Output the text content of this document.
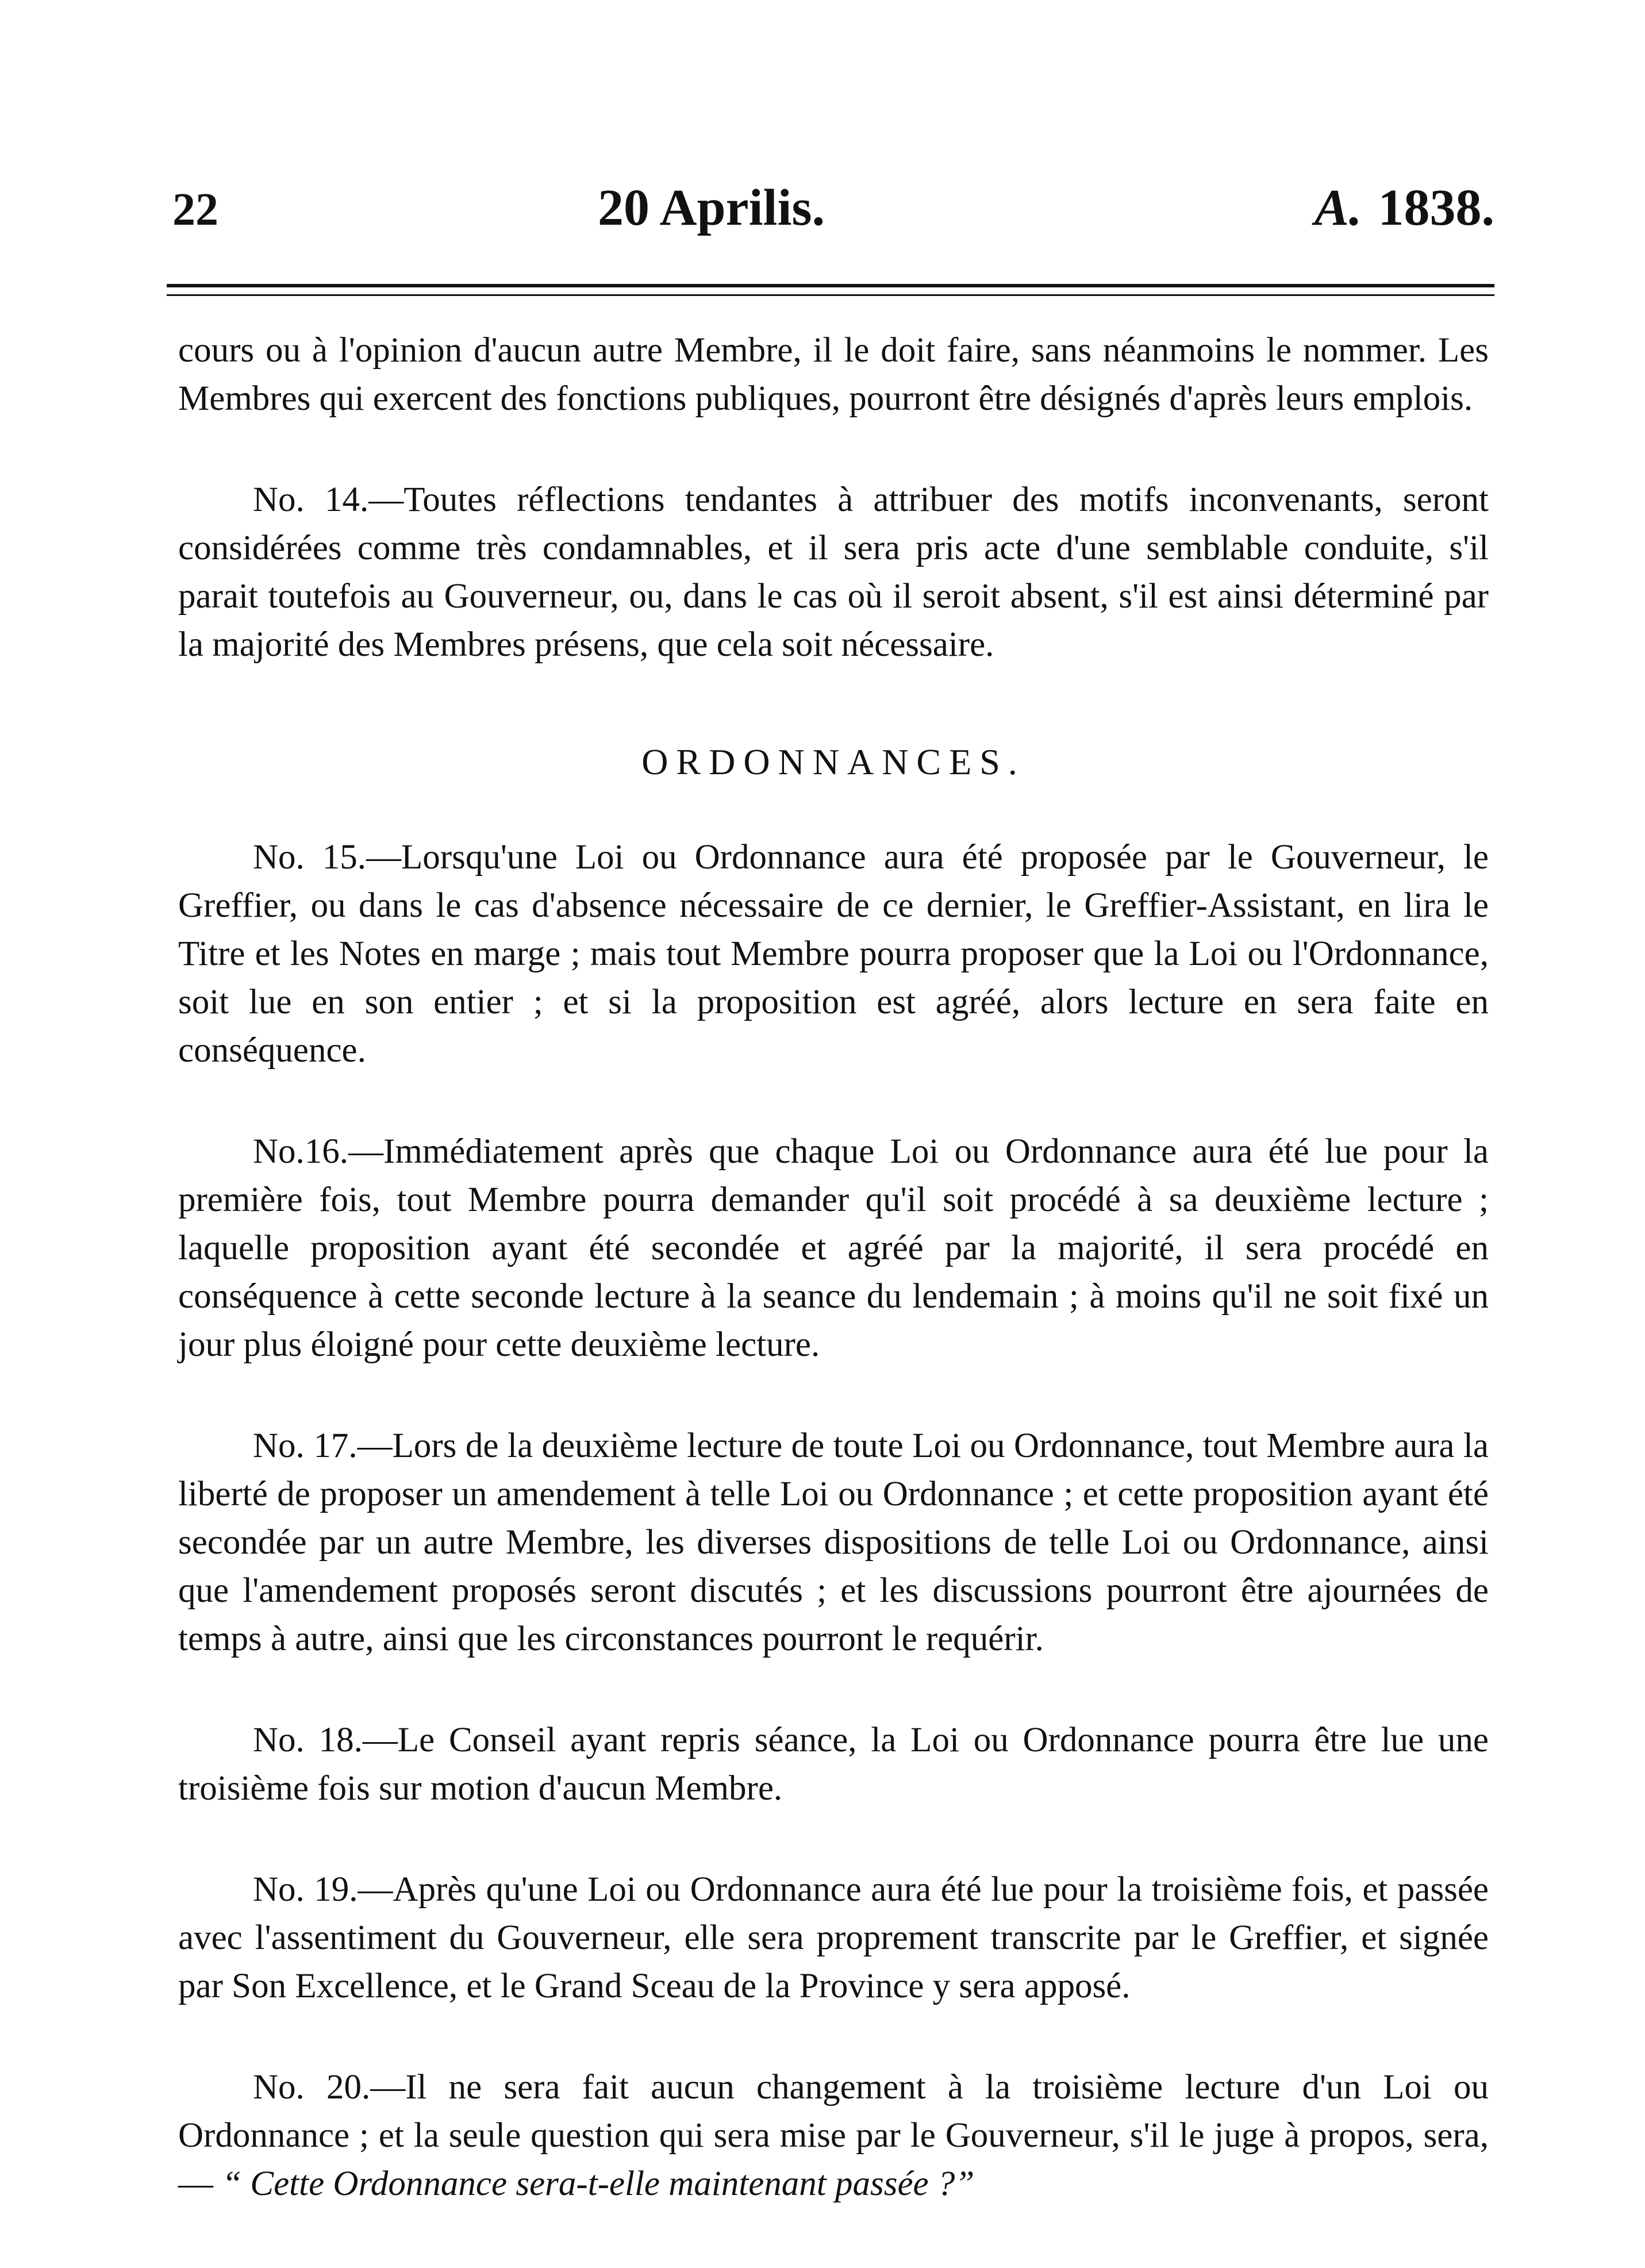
22	20 Aprilis.	A. 1838.

cours ou à l'opinion d'aucun autre Membre, il le doit faire, sans néanmoins le nommer. Les Membres qui exercent des fonctions publiques, pourront être désignés d'après leurs emplois.

No. 14.—Toutes réflections tendantes à attribuer des motifs inconvenants, seront considérées comme très condamnables, et il sera pris acte d'une semblable conduite, s'il parait toutefois au Gouverneur, ou, dans le cas où il seroit absent, s'il est ainsi déterminé par la majorité des Membres présens, que cela soit nécessaire.

ORDONNANCES.

No. 15.—Lorsqu'une Loi ou Ordonnance aura été proposée par le Gouverneur, le Greffier, ou dans le cas d'absence nécessaire de ce dernier, le Greffier-Assistant, en lira le Titre et les Notes en marge ; mais tout Membre pourra proposer que la Loi ou l'Ordonnance, soit lue en son entier ; et si la proposition est agréé, alors lecture en sera faite en conséquence.

No.16.—Immédiatement après que chaque Loi ou Ordonnance aura été lue pour la première fois, tout Membre pourra demander qu'il soit procédé à sa deuxième lecture ; laquelle proposition ayant été secondée et agréé par la majorité, il sera procédé en conséquence à cette seconde lecture à la seance du lendemain ; à moins qu'il ne soit fixé un jour plus éloigné pour cette deuxième lecture.

No. 17.—Lors de la deuxième lecture de toute Loi ou Ordonnance, tout Membre aura la liberté de proposer un amendement à telle Loi ou Ordonnance ; et cette proposition ayant été secondée par un autre Membre, les diverses dispositions de telle Loi ou Ordonnance, ainsi que l'amendement proposés seront discutés ; et les discussions pourront être ajournées de temps à autre, ainsi que les circonstances pourront le requérir.

No. 18.—Le Conseil ayant repris séance, la Loi ou Ordonnance pourra être lue une troisième fois sur motion d'aucun Membre.

No. 19.—Après qu'une Loi ou Ordonnance aura été lue pour la troisième fois, et passée avec l'assentiment du Gouverneur, elle sera proprement transcrite par le Greffier, et signée par Son Excellence, et le Grand Sceau de la Province y sera apposé.

No. 20.—Il ne sera fait aucun changement à la troisième lecture d'un Loi ou Ordonnance ; et la seule question qui sera mise par le Gouverneur, s'il le juge à propos, sera,— “ Cette Ordonnance sera-t-elle maintenant passée ?”
